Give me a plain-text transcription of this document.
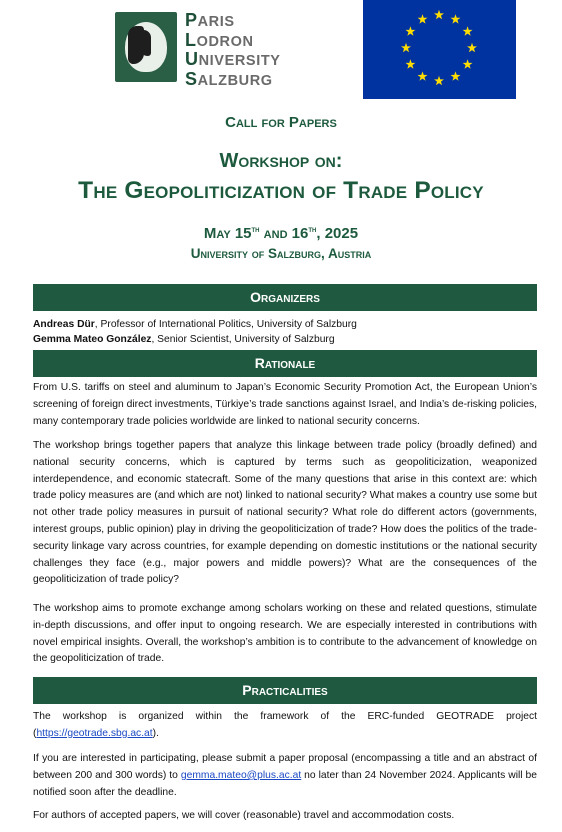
PARIS
LODRON
UNIVERSITY
SALZBURG
Call for Papers
Workshop on:
The Geopoliticization of Trade Policy
May 15th and 16th, 2025
University of Salzburg, Austria
Organizers
Andreas Dür, Professor of International Politics, University of Salzburg
Gemma Mateo González, Senior Scientist, University of Salzburg
Rationale

From U.S. tariffs on steel and aluminum to Japan’s Economic Security Promotion Act, the European Union’s screening of foreign direct investments, Türkiye’s trade sanctions against Israel, and India’s de-risking policies, many contemporary trade policies worldwide are linked to national security concerns.

The workshop brings together papers that analyze this linkage between trade policy (broadly defined) and national security concerns, which is captured by terms such as geopoliticization, weaponized interdependence, and economic statecraft. Some of the many questions that arise in this context are: which trade policy measures are (and which are not) linked to national security? What makes a country use some but not other trade policy measures in pursuit of national security? What role do different actors (governments, interest groups, public opinion) play in driving the geopoliticization of trade? How does the politics of the trade-security linkage vary across countries, for example depending on domestic institutions or the national security challenges they face (e.g., major powers and middle powers)? What are the consequences of the geopoliticization of trade policy?

The workshop aims to promote exchange among scholars working on these and related questions, stimulate in-depth discussions, and offer input to ongoing research. We are especially interested in contributions with novel empirical insights. Overall, the workshop’s ambition is to contribute to the advancement of knowledge on the geopoliticization of trade.

Practicalities

The workshop is organized within the framework of the ERC-funded GEOTRADE project (https://geotrade.sbg.ac.at).

If you are interested in participating, please submit a paper proposal (encompassing a title and an abstract of between 200 and 300 words) to gemma.mateo@plus.ac.at no later than 24 November 2024. Applicants will be notified soon after the deadline.

For authors of accepted papers, we will cover (reasonable) travel and accommodation costs.
